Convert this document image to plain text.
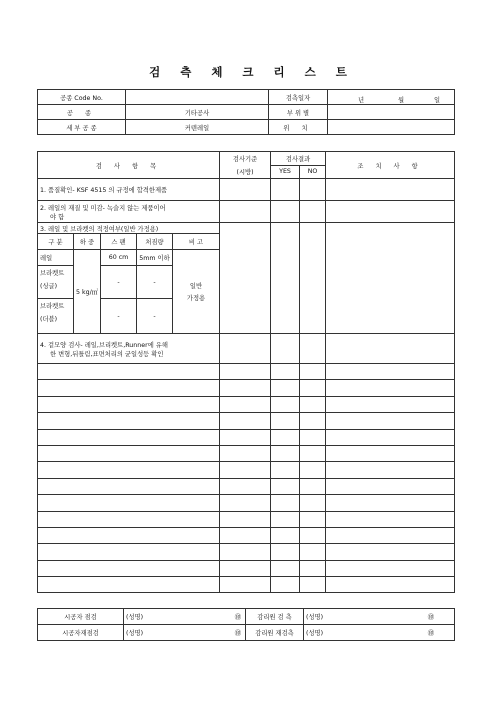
검 측 체 크 리 스 트
공종 Code No.		검측일자	년 월 일

공 종	기타공사	부 위 별	
세 부 공 종	커텐레일	위 치	
검 사 항 목					검사기준	검사결과		조 치 사 항
					(시방)	YES	NO	
1. 품질확인- KSF 4515 의 규정에 합격한제품								

2. 레일의 재질 및 미감- 녹슬지 않는 제품이어
야 함								

3. 레일 및 브라켓의 적정여부(일반 가정용)								
구 분	하 중	스 팬	처짐량	비 고				
레일	5 kg/㎡	60 cm	5mm 이하	일반
가정용				

브라켓트		-	-					
(싱글)								

브라켓트		-	-					
(더블)								

4. 겉모양 검사- 레일,브리켓트,Runner에 유해
한 변형,뒤틀림,표면처리의 균일성등 확인								

시공자 점검	(성명) ㊞	감리원 검 측	(성명) ㊞

시공자재점검	(성명) ㊞	감리원 재검측	(성명) ㊞
